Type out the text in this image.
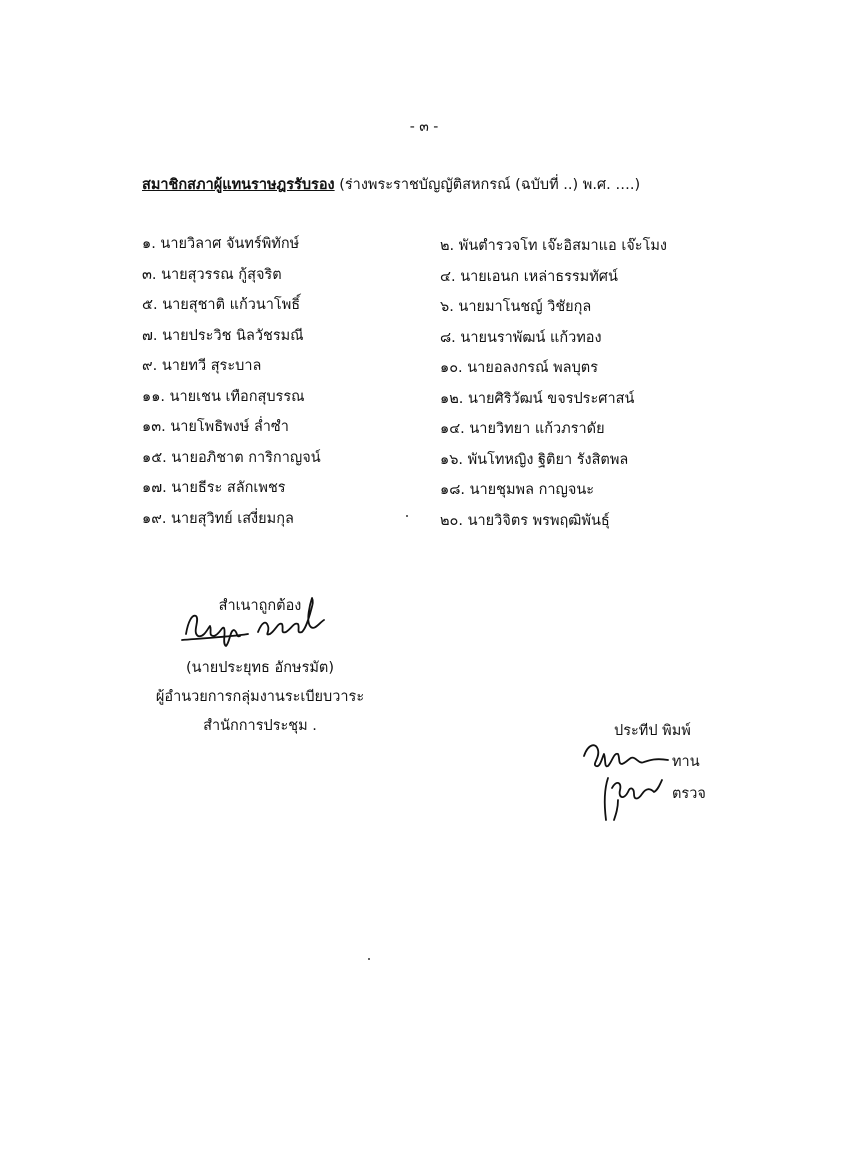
- ๓ -
สมาชิกสภาผู้แทนราษฎรรับรอง (ร่างพระราชบัญญัติสหกรณ์ (ฉบับที่ ..) พ.ศ. ….)
๑. นายวิลาศ จันทร์พิทักษ์
๓. นายสุวรรณ กู้สุจริต
๕. นายสุชาติ แก้วนาโพธิ์
๗. นายประวิช นิลวัชรมณี
๙. นายทวี สุระบาล
๑๑. นายเชน เทือกสุบรรณ
๑๓. นายโพธิพงษ์ ล่ำซำ
๑๕. นายอภิชาต การิกาญจน์
๑๗. นายธีระ สลักเพชร
๑๙. นายสุวิทย์ เสงี่ยมกุล
๒. พันตำรวจโท เจ๊ะอิสมาแอ เจ๊ะโมง
๔. นายเอนก เหล่าธรรมทัศน์
๖. นายมาโนชญ์ วิชัยกุล
๘. นายนราพัฒน์ แก้วทอง
๑๐. นายอลงกรณ์ พลบุตร
๑๒. นายศิริวัฒน์ ขจรประศาสน์
๑๔. นายวิทยา แก้วภราดัย
๑๖. พันโทหญิง ฐิติยา รังสิตพล
๑๘. นายชุมพล กาญจนะ
๒๐. นายวิจิตร พรพฤฒิพันธุ์
สำเนาถูกต้อง
(นายประยุทธ อักษรมัต)
ผู้อำนวยการกลุ่มงานระเบียบวาระ
สำนักการประชุม .	ประทีป พิมพ์
ทาน
ตรวจ
